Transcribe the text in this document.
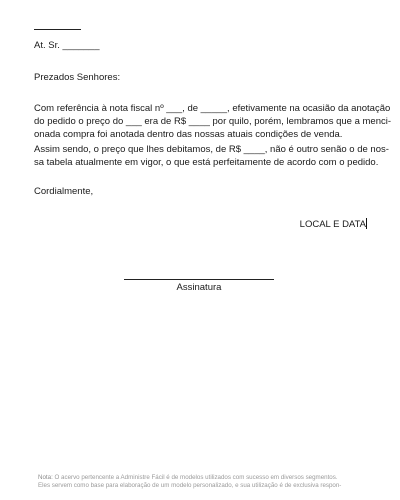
At. Sr. _______
Prezados Senhores:
Com referência à nota fiscal nº ___, de _____, efetivamente na ocasião da anotação
do pedido o preço do ___ era de R$ ____ por quilo, porém, lembramos que a menci-
onada compra foi anotada dentro das nossas atuais condições de venda.
Assim sendo, o preço que lhes debitamos, de R$ ____, não é outro senão o de nos-
sa tabela atualmente em vigor, o que está perfeitamente de acordo com o pedido.
Cordialmente,
LOCAL E DATA
Assinatura
Nota: O acervo pertencente a Administre Fácil é de modelos utilizados com sucesso em diversos segmentos.
Eles servem como base para elaboração de um modelo personalizado, e sua utilização é de exclusiva respon-
